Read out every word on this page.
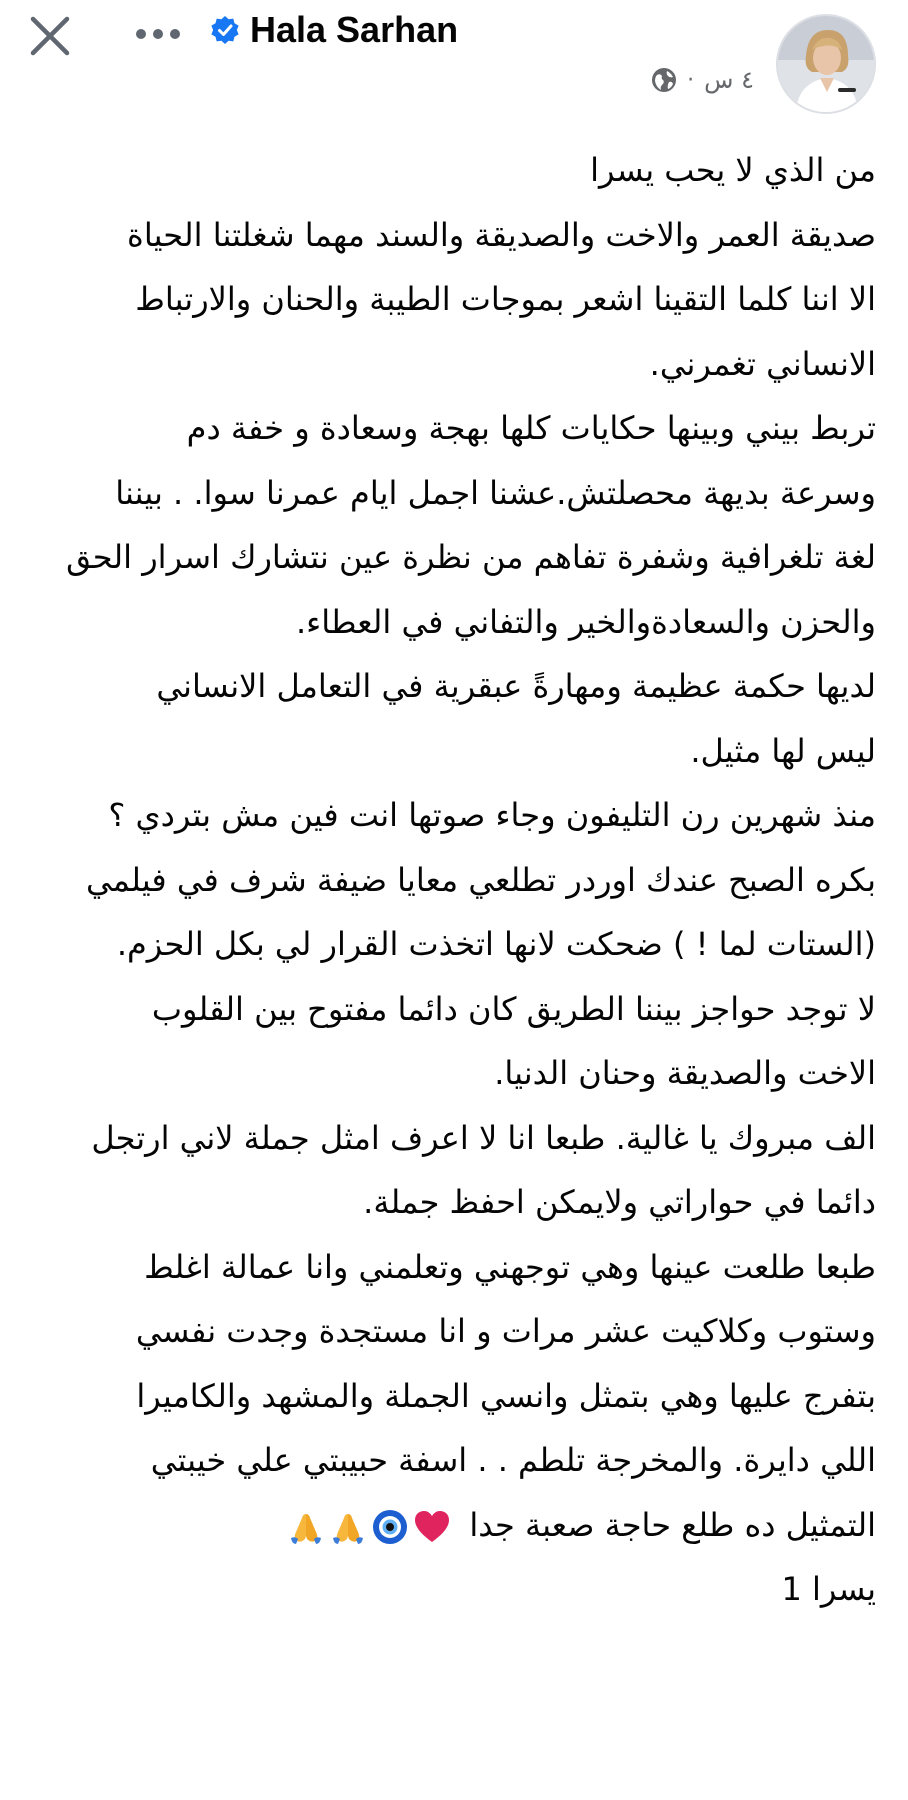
Hala Sarhan
٤ س
·
من الذي لا يحب يسرا
صديقة العمر والاخت والصديقة والسند مهما شغلتنا الحياة
الا اننا كلما التقينا اشعر بموجات الطيبة والحنان والارتباط
الانساني تغمرني.
تربط بيني وبينها حكايات كلها بهجة وسعادة و خفة دم
وسرعة بديهة محصلتش.عشنا اجمل ايام عمرنا سوا. . بيننا
لغة تلغرافية وشفرة تفاهم من نظرة عين نتشارك اسرار الحق
والحزن والسعادةوالخير والتفاني في العطاء.
لديها حكمة عظيمة ومهارةً عبقرية في التعامل الانساني
ليس لها مثيل.
منذ شهرين رن التليفون وجاء صوتها انت فين مش بتردي ؟
بكره الصبح عندك اوردر تطلعي معايا ضيفة شرف في فيلمي
(الستات لما ! ) ضحكت لانها اتخذت القرار لي بكل الحزم.
لا توجد حواجز بيننا الطريق كان دائما مفتوح بين القلوب
الاخت والصديقة وحنان الدنيا.
الف مبروك يا غالية. طبعا انا لا اعرف امثل جملة لاني ارتجل
دائما في حواراتي ولايمكن احفظ جملة.
طبعا طلعت عينها وهي توجهني وتعلمني وانا عمالة اغلط
وستوب وكلاكيت عشر مرات و انا مستجدة وجدت نفسي
بتفرج عليها وهي بتمثل وانسي الجملة والمشهد والكاميرا
اللي دايرة. والمخرجة تلطم . . اسفة حبيبتي علي خيبتي
التمثيل ده طلع حاجة صعبة جدا
يسرا 1
